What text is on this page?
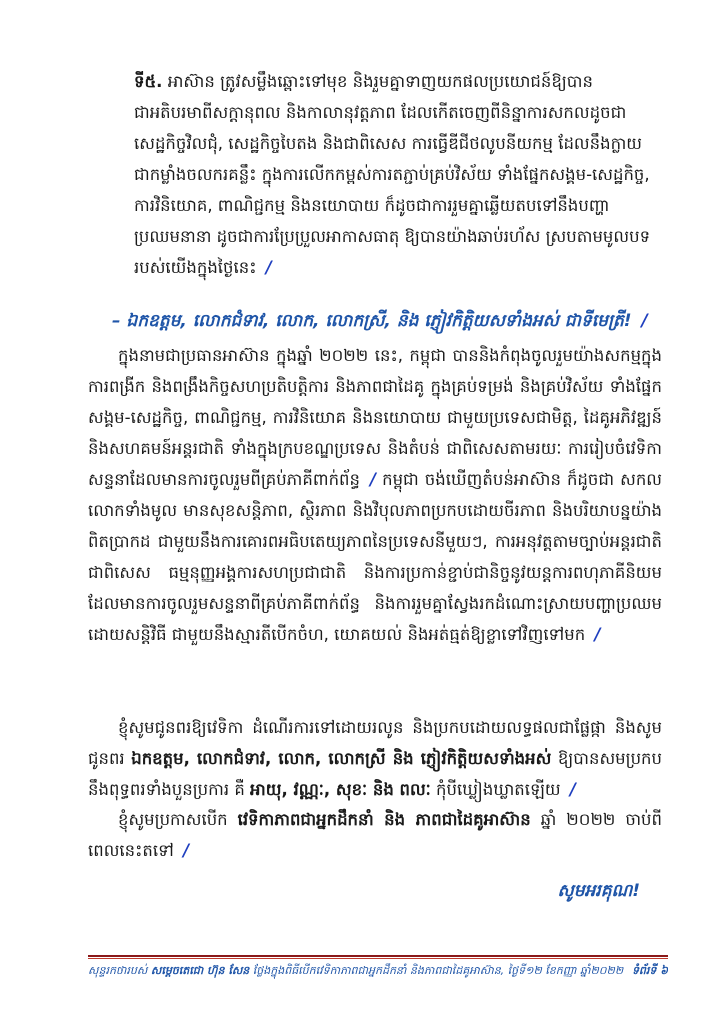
ទី៥. អាស៊ាន ត្រូវសម្លឹងឆ្ពោះទៅមុខ និងរួមគ្នាទាញយកផលប្រយោជន៍ឱ្យបានជាអតិបរមាពីសក្តានុពល និងកាលានុវត្តភាព ដែលកើតចេញពីនិន្នាការសកលដូចជា សេដ្ឋកិច្ចវិលជុំ, សេដ្ឋកិច្ចបៃតង និងជាពិសេស ការធ្វើឌីជីថលូបនីយកម្ម ដែលនឹងក្លាយជាកម្លាំងចលករគន្លឹះ ក្នុងការលើកកម្ពស់ការតភ្ជាប់គ្រប់វិស័យ ទាំងផ្នែកសង្គម-សេដ្ឋកិច្ច, ការវិនិយោគ, ពាណិជ្ជកម្ម និងនយោបាយ ក៏ដូចជាការរួមគ្នាឆ្លើយតបទៅនឹងបញ្ហាប្រឈមនានា ដូចជាការប្រែប្រួលអាកាសធាតុ ឱ្យបានយ៉ាងឆាប់រហ័ស ស្របតាមមូលបទរបស់យើងក្នុងថ្ងៃនេះ /
– ឯកឧត្តម, លោកជំទាវ, លោក, លោកស្រី, និង ភ្ញៀវកិត្តិយសទាំងអស់ ជាទីមេត្រី! /
ក្នុងនាមជាប្រធានអាស៊ាន ក្នុងឆ្នាំ ២០២២ នេះ, កម្ពុជា បាននិងកំពុងចូលរួមយ៉ាងសកម្មក្នុងការពង្រីក និងពង្រឹងកិច្ចសហប្រតិបត្តិការ និងភាពជាដៃគូ ក្នុងគ្រប់ទម្រង់ និងគ្រប់វិស័យ ទាំងផ្នែកសង្គម-សេដ្ឋកិច្ច, ពាណិជ្ជកម្ម, ការវិនិយោគ និងនយោបាយ ជាមួយប្រទេសជាមិត្ត, ដៃគូអភិវឌ្ឍន៍ និងសហគមន៍អន្តរជាតិ ទាំងក្នុងក្របខណ្ឌប្រទេស និងតំបន់ ជាពិសេសតាមរយៈ ការរៀបចំវេទិកាសន្ទនាដែលមានការចូលរួមពីគ្រប់ភាគីពាក់ព័ន្ធ / កម្ពុជា ចង់ឃើញតំបន់អាស៊ាន ក៏ដូចជា សកលលោកទាំងមូល មានសុខសន្តិភាព, ស្ថិរភាព និងវិបុលភាពប្រកបដោយចីរភាព និងបរិយាបន្នយ៉ាងពិតប្រាកដ ជាមួយនឹងការគោរពអធិបតេយ្យភាពនៃប្រទេសនីមួយៗ, ការអនុវត្តតាមច្បាប់អន្តរជាតិ ជាពិសេស ធម្មនុញ្ញអង្គការសហប្រជាជាតិ និងការប្រកាន់ខ្ជាប់ជានិច្ចនូវយន្តការពហុភាគីនិយម ដែលមានការចូលរួមសន្ទនាពីគ្រប់ភាគីពាក់ព័ន្ធ និងការរួមគ្នាស្វែងរកដំណោះស្រាយបញ្ហាប្រឈមដោយសន្តិវិធី ជាមួយនឹងស្មារតីបើកចំហ, យោគយល់ និងអត់ធ្មត់ឱ្យខ្លាទៅវិញទៅមក /
ខ្ញុំសូមជូនពរឱ្យវេទិកា ដំណើរការទៅដោយរលូន និងប្រកបដោយលទ្ធផលជាផ្លែផ្កា និងសូមជូនពរ ឯកឧត្តម, លោកជំទាវ, លោក, លោកស្រី និង ភ្ញៀវកិត្តិយសទាំងអស់ ឱ្យបានសមប្រកបនឹងពុទ្ធពរទាំងបួនប្រការ គឺ អាយុ, វណ្ណៈ, សុខៈ និង ពលៈ កុំបីឃ្លៀងឃ្លាតឡើយ /
ខ្ញុំសូមប្រកាសបើក វេទិកាភាពជាអ្នកដឹកនាំ និង ភាពជាដៃគូអាស៊ាន ឆ្នាំ ២០២២ ចាប់ពីពេលនេះតទៅ /
សូមអរគុណ!
សុន្ទរកថារបស់ សម្តេចតេជោ ហ៊ុន សែន ថ្លែងក្នុងពិធីបើកវេទិកាភាពជាអ្នកដឹកនាំ និងភាពជាដៃគូអាស៊ាន, ថ្ងៃទី១២ ខែកញ្ញា ឆ្នាំ២០២២ ទំព័រទី ៦
